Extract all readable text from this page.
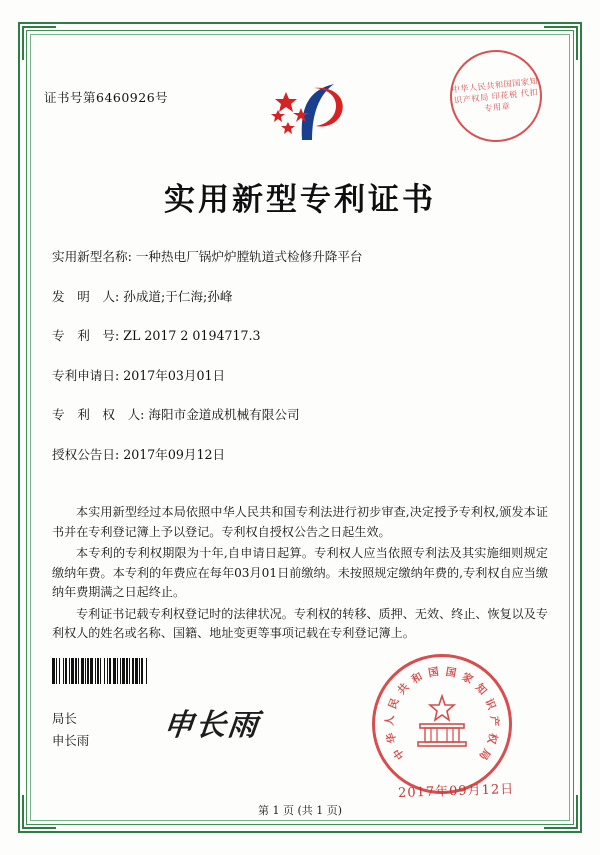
证书号第6460926号
中华人民共和国国家知识产权局 印花税 代扣专用章
实用新型专利证书
实用新型名称: 一种热电厂锅炉炉膛轨道式检修升降平台
发　明　人: 孙成道;于仁海;孙峰
专　利　号: ZL 2017 2 0194717.3
专利申请日: 2017年03月01日
专　利　权　人: 海阳市金道成机械有限公司
授权公告日: 2017年09月12日

本实用新型经过本局依照中华人民共和国专利法进行初步审查,决定授予专利权,颁发本证书并在专利登记簿上予以登记。专利权自授权公告之日起生效。

本专利的专利权期限为十年,自申请日起算。专利权人应当依照专利法及其实施细则规定缴纳年费。本专利的年费应在每年03月01日前缴纳。未按照规定缴纳年费的,专利权自应当缴纳年费期满之日起终止。

专利证书记载专利权登记时的法律状况。专利权的转移、质押、无效、终止、恢复以及专利权人的姓名或名称、国籍、地址变更等事项记载在专利登记簿上。

局长
申长雨 申长雨
中
华
人
民
共
和 国 国 家
知
识
产
权
局
2017年09月12日
第 1 页 (共 1 页)
